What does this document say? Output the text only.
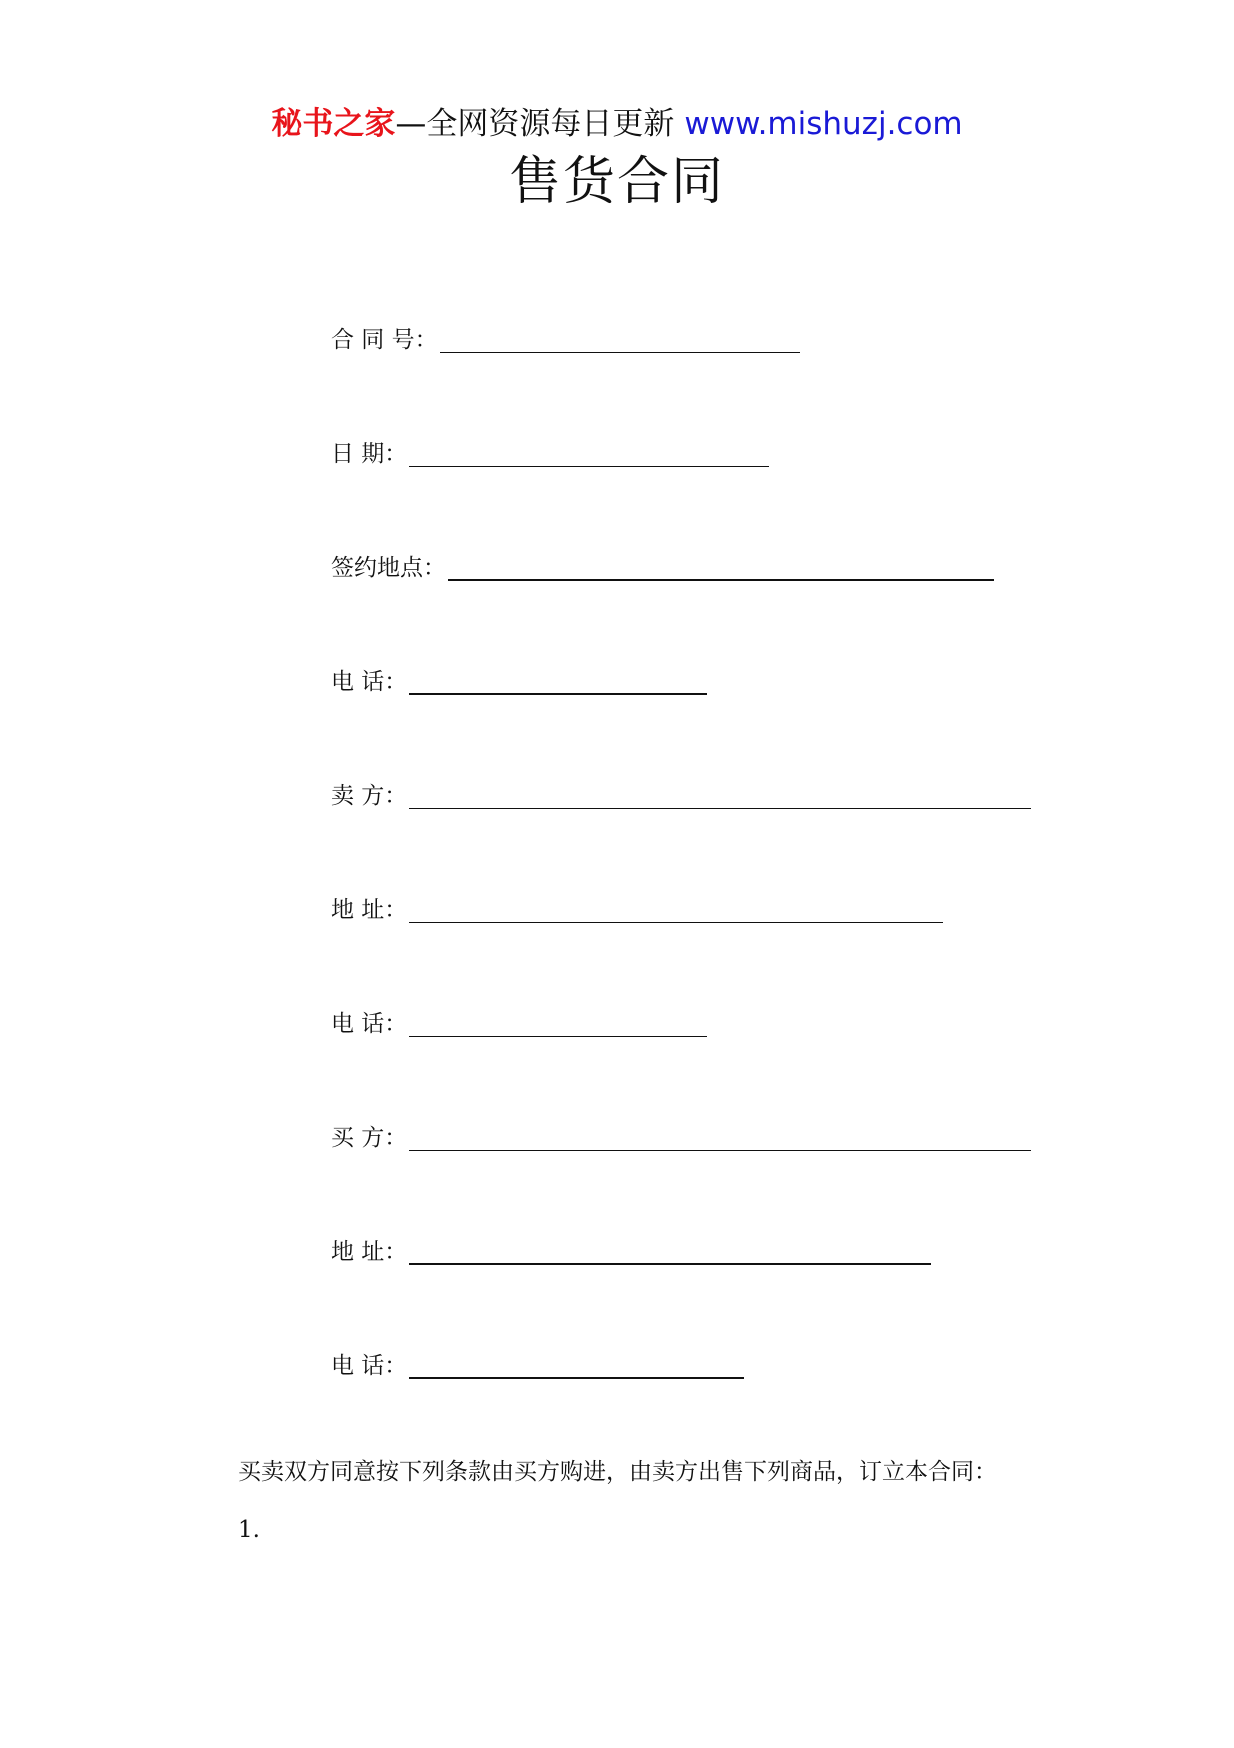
秘书之家—全网资源每日更新 www.mishuzj.com
售货合同
合 同 号：
日 期：
签约地点：
电 话：
卖 方：
地 址：
电 话：
买 方：
地 址：
电 话：
买卖双方同意按下列条款由买方购进，由卖方出售下列商品，订立本合同：
1.
